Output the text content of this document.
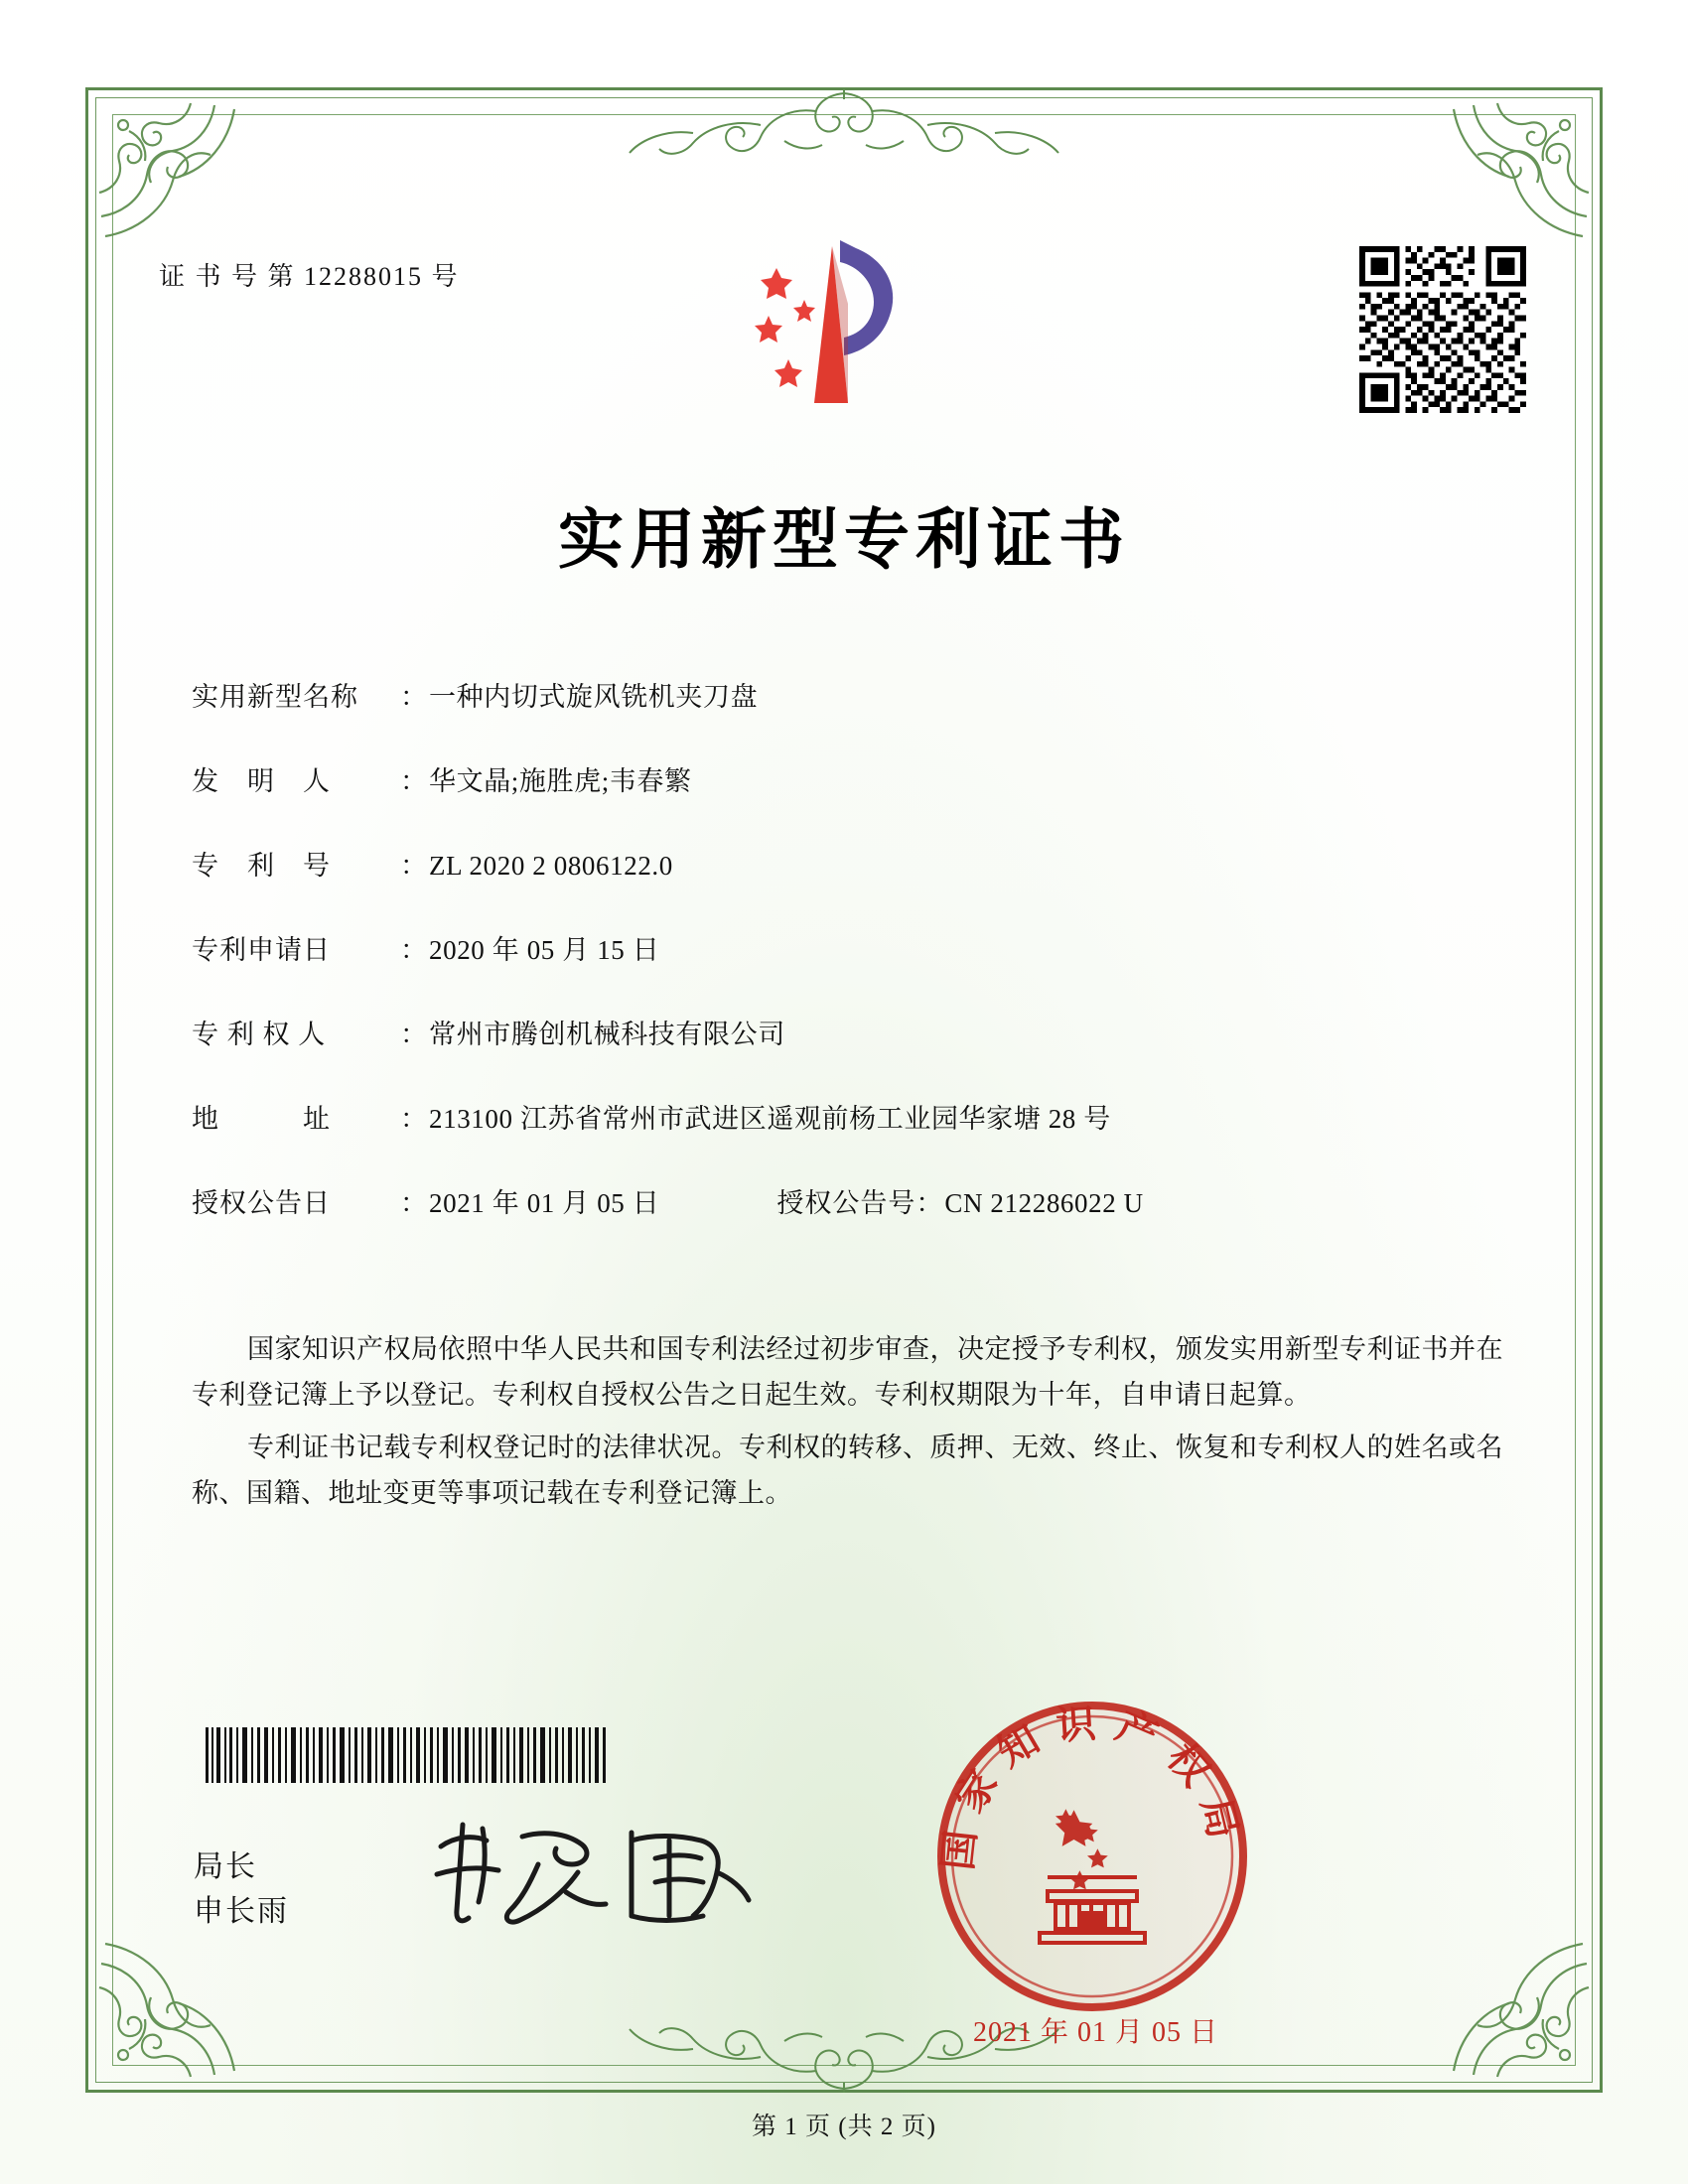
证 书 号 第 12288015 号
实用新型专利证书
实用新型名称	： 一种内切式旋风铣机夹刀盘
发　明　人	： 华文晶;施胜虎;韦春繁
专　利　号	： ZL 2020 2 0806122.0
专利申请日	： 2020 年 05 月 15 日
专 利 权 人	： 常州市腾创机械科技有限公司
地　　　址	： 213100 江苏省常州市武进区遥观前杨工业园华家塘 28 号
授权公告日	： 2021 年 01 月 05 日	授权公告号 ： CN 212286022 U

国家知识产权局依照中华人民共和国专利法经过初步审查，决定授予专利权，颁发实用新型专利证书并在专利登记簿上予以登记。专利权自授权公告之日起生效。专利权期限为十年，自申请日起算。

专利证书记载专利权登记时的法律状况。专利权的转移、质押、无效、终止、恢复和专利权人的姓名或名称、国籍、地址变更等事项记载在专利登记簿上。

局长
申长雨
国家知识产权局
2021 年 01 月 05 日
第 1 页 (共 2 页)
